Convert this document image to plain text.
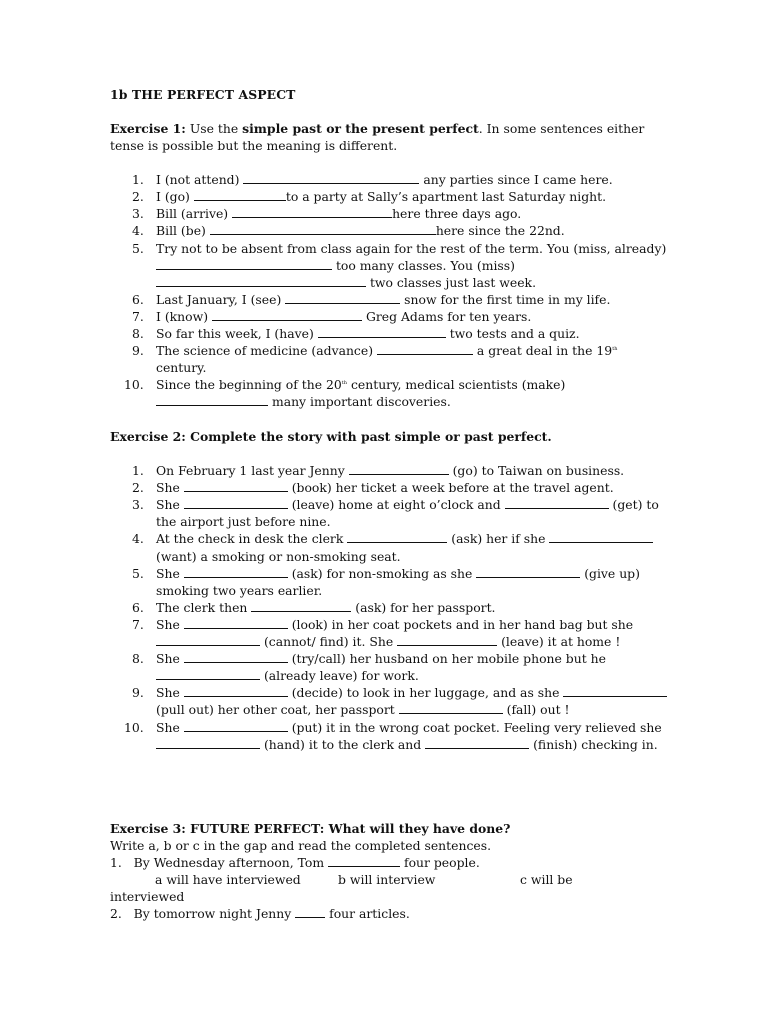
1b THE PERFECT ASPECT

Exercise 1: Use the simple past or the present perfect. In some sentences either tense is possible but the meaning is different.

1. I (not attend)	any parties since I came here.
2. I (go)	to a party at Sally’s apartment last Saturday night.
3. Bill (arrive)	here three days ago.
4. Bill (be)	here since the 22nd.
5. Try not to be absent from class again for the rest of the term. You (miss, already)  too many classes. You (miss)  two classes just last week.
6. Last January, I (see)	snow for the first time in my life.
7. I (know)	Greg Adams for ten years.
8. So far this week, I (have)	two tests and a quiz.
9. The science of medicine (advance)	a great deal in the 19th century.
10. Since the beginning of the 20th century, medical scientists (make)  many important discoveries.

Exercise 2: Complete the story with past simple or past perfect.

1. On February 1 last year Jenny	(go) to Taiwan on business.
2. She	(book) her ticket a week before at the travel agent.
3. She	(leave) home at eight o’clock and	(get) to the airport just before nine.
4. At the check in desk the clerk	(ask) her if she  (want) a smoking or non-smoking seat.
5. She	(ask) for non-smoking as she	(give up) smoking two years earlier.
6. The clerk then	(ask) for her passport.
7. She	(look) in her coat pockets and in her hand bag but she  (cannot/ find) it. She	(leave) it at home !
8. She	(try/call) her husband on her mobile phone but he  (already leave) for work.
9. She	(decide) to look in her luggage, and as she  (pull out) her other coat, her passport	(fall) out !
10. She	(put) it in the wrong coat pocket. Feeling very relieved she  (hand) it to the clerk and	(finish) checking in.

Exercise 3: FUTURE PERFECT: What will they have done?

Write a, b or c in the gap and read the completed sentences.

1. By Wednesday afternoon, Tom	four people.
a will have interviewed	b will interview	c will be
interviewed
2. By tomorrow night Jenny  four articles.
